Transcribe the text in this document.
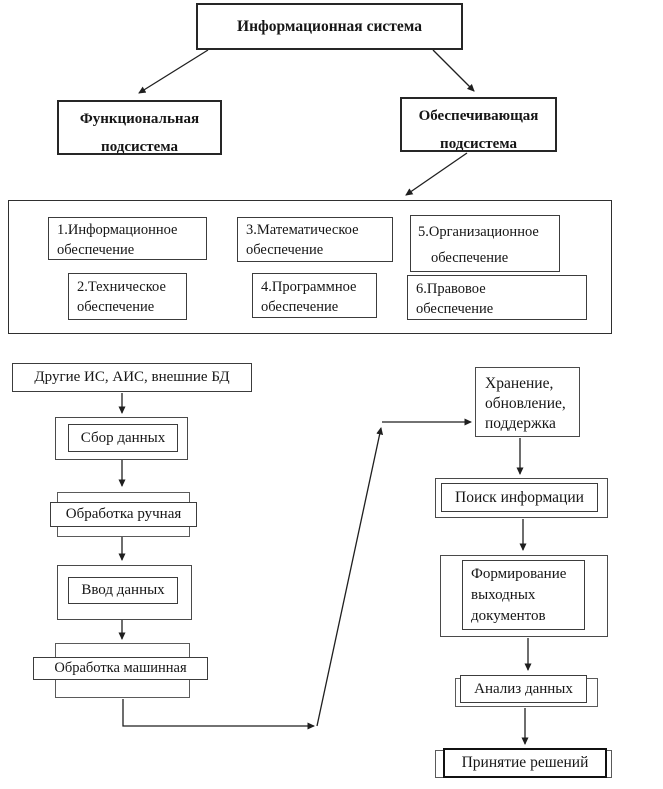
Информационная система
Функциональная
подсистема
Обеспечивающая
подсистема
1.Информационное
обеспечение
3.Математическое
обеспечение
5.Организационное
обеспечение
2.Техническое
обеспечение
4.Программное
обеспечение
6.Правовое
обеспечение
Другие ИС, АИС, внешние БД
Сбор данных
Обработка ручная
Ввод данных
Обработка машинная
Хранение,
обновление,
поддержка
Поиск информации
Формирование
выходных
документов
Анализ данных
Принятие решений
